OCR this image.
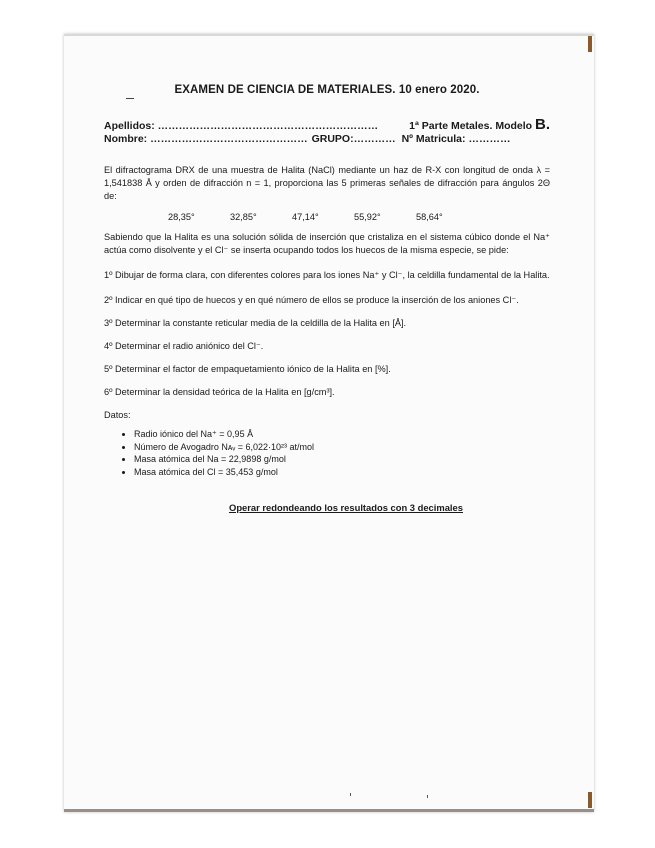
EXAMEN DE CIENCIA DE MATERIALES. 10 enero 2020.
Apellidos: ………………………………………………………	1ª Parte Metales. Modelo B.
Nombre: ……………………………………… GRUPO:………… Nº Matricula: …………

El difractograma DRX de una muestra de Halita (NaCl) mediante un haz de R-X con longitud de onda λ = 1,541838 Å y orden de difracción n = 1, proporciona las 5 primeras señales de difracción para ángulos 2Θ de:

28,35°	32,85°	47,14°	55,92°	58,64°

Sabiendo que la Halita es una solución sólida de inserción que cristaliza en el sistema cúbico donde el Na⁺ actúa como disolvente y el Cl⁻ se inserta ocupando todos los huecos de la misma especie, se pide:

1º Dibujar de forma clara, con diferentes colores para los iones Na⁺ y Cl⁻, la celdilla fundamental de la Halita.

2º Indicar en qué tipo de huecos y en qué número de ellos se produce la inserción de los aniones Cl⁻.

3º Determinar la constante reticular media de la celdilla de la Halita en [Å].

4º Determinar el radio aniónico del Cl⁻.

5º Determinar el factor de empaquetamiento iónico de la Halita en [%].

6º Determinar la densidad teórica de la Halita en [g/cm³].

Datos:

• Radio iónico del Na⁺ = 0,95 Å
• Número de Avogadro Nᴀᵥ = 6,022·10²³ at/mol
• Masa atómica del Na = 22,9898 g/mol
• Masa atómica del Cl = 35,453 g/mol
Operar redondeando los resultados con 3 decimales
